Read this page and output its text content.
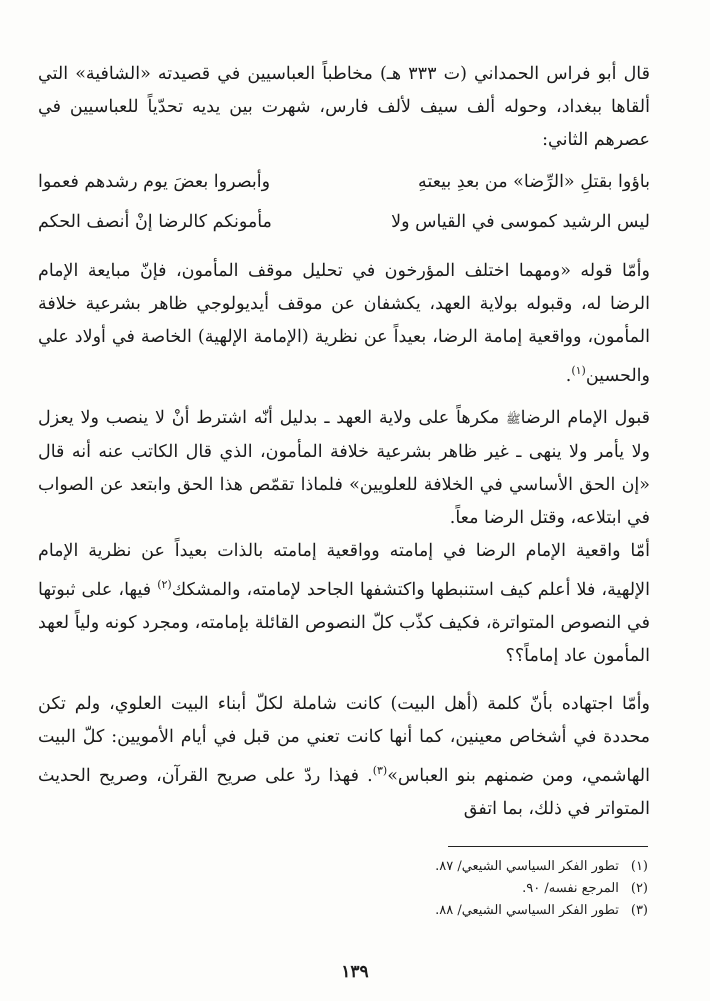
قال أبو فراس الحمداني (ت ٣٣٣ هـ) مخاطباً العباسيين في قصيدته «الشافية» التي ألقاها ببغداد، وحوله ألف سيف لألف فارس، شهرت بين يديه تحدّياً للعباسيين في عصرهم الثاني:

باؤوا بقتلِ «الرِّضا» من بعدِ بيعتهِ
وأبصروا بعضَ يوم رشدهم فعموا
ليس الرشيد كموسى في القياس ولا
مأمونكم كالرضا إنْ أنصف الحكم

وأمّا قوله «ومهما اختلف المؤرخون في تحليل موقف المأمون، فإنّ مبايعة الإمام الرضا له، وقبوله بولاية العهد، يكشفان عن موقف أيديولوجي ظاهر بشرعية خلافة المأمون، وواقعية إمامة الرضا، بعيداً عن نظرية (الإمامة الإلهية) الخاصة في أولاد علي والحسين$^{(١)}$.

قبول الإمام الرضاﷺ مكرهاً على ولاية العهد ـ بدليل أنّه اشترط أنْ لا ينصب ولا يعزل ولا يأمر ولا ينهى ـ غير ظاهر بشرعية خلافة المأمون، الذي قال الكاتب عنه أنه قال «إن الحق الأساسي في الخلافة للعلويين» فلماذا تقمّص هذا الحق وابتعد عن الصواب في ابتلاعه، وقتل الرضا معاً.

أمّا واقعية الإمام الرضا في إمامته وواقعية إمامته بالذات بعيداً عن نظرية الإمام الإلهية، فلا أعلم كيف استنبطها واكتشفها الجاحد لإمامته، والمشكك$^{(٢)}$ فيها، على ثبوتها في النصوص المتواترة، فكيف كذّب كلّ النصوص القائلة بإمامته، ومجرد كونه ولياً لعهد المأمون عاد إماماً؟؟

وأمّا اجتهاده بأنّ كلمة (أهل البيت) كانت شاملة لكلّ أبناء البيت العلوي، ولم تكن محددة في أشخاص معينين، كما أنها كانت تعني من قبل في أيام الأمويين: كلّ البيت الهاشمي، ومن ضمنهم بنو العباس»$^{(٣)}$. فهذا ردّ على صريح القرآن، وصريح الحديث المتواتر في ذلك، بما اتفق

(١)
تطور الفكر السياسي الشيعي/ ٨٧.
(٢)
المرجع نفسه/ ٩٠.
(٣)
تطور الفكر السياسي الشيعي/ ٨٨.
١٣٩
